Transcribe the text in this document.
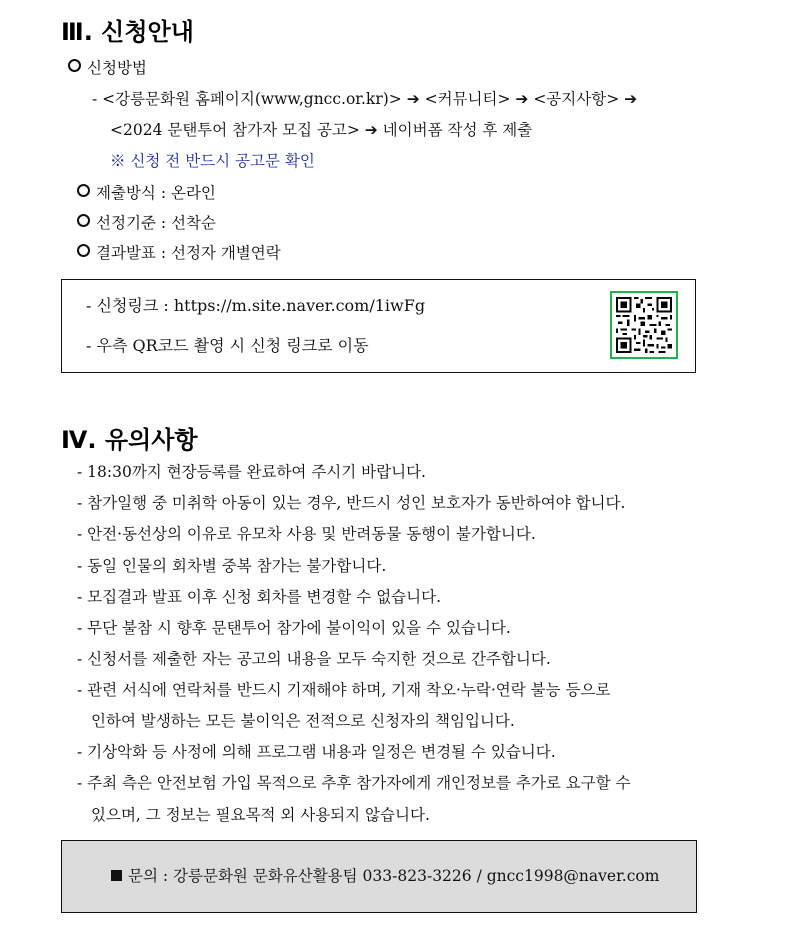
Ⅲ. 신청안내
신청방법
- <강릉문화원 홈페이지(www,gncc.or.kr)> ➔ <커뮤니티> ➔ <공지사항> ➔
<2024 문탠투어 참가자 모집 공고> ➔ 네이버폼 작성 후 제출
※ 신청 전 반드시 공고문 확인
제출방식 : 온라인
선정기준 : 선착순
결과발표 : 선정자 개별연락
- 신청링크 : https://m.site.naver.com/1iwFg
- 우측 QR코드 촬영 시 신청 링크로 이동
Ⅳ. 유의사항
- 18:30까지 현장등록를 완료하여 주시기 바랍니다.
- 참가일행 중 미취학 아동이 있는 경우, 반드시 성인 보호자가 동반하여야 합니다.
- 안전·동선상의 이유로 유모차 사용 및 반려동물 동행이 불가합니다.
- 동일 인물의 회차별 중복 참가는 불가합니다.
- 모집결과 발표 이후 신청 회차를 변경할 수 없습니다.
- 무단 불참 시 향후 문탠투어 참가에 불이익이 있을 수 있습니다.
- 신청서를 제출한 자는 공고의 내용을 모두 숙지한 것으로 간주합니다.
- 관련 서식에 연락처를 반드시 기재해야 하며, 기재 착오·누락·연락 불능 등으로
인하여 발생하는 모든 불이익은 전적으로 신청자의 책임입니다.
- 기상악화 등 사정에 의해 프로그램 내용과 일정은 변경될 수 있습니다.
- 주최 측은 안전보험 가입 목적으로 추후 참가자에게 개인정보를 추가로 요구할 수
있으며, 그 정보는 필요목적 외 사용되지 않습니다.
문의 : 강릉문화원 문화유산활용팀 033-823-3226 / gncc1998@naver.com
